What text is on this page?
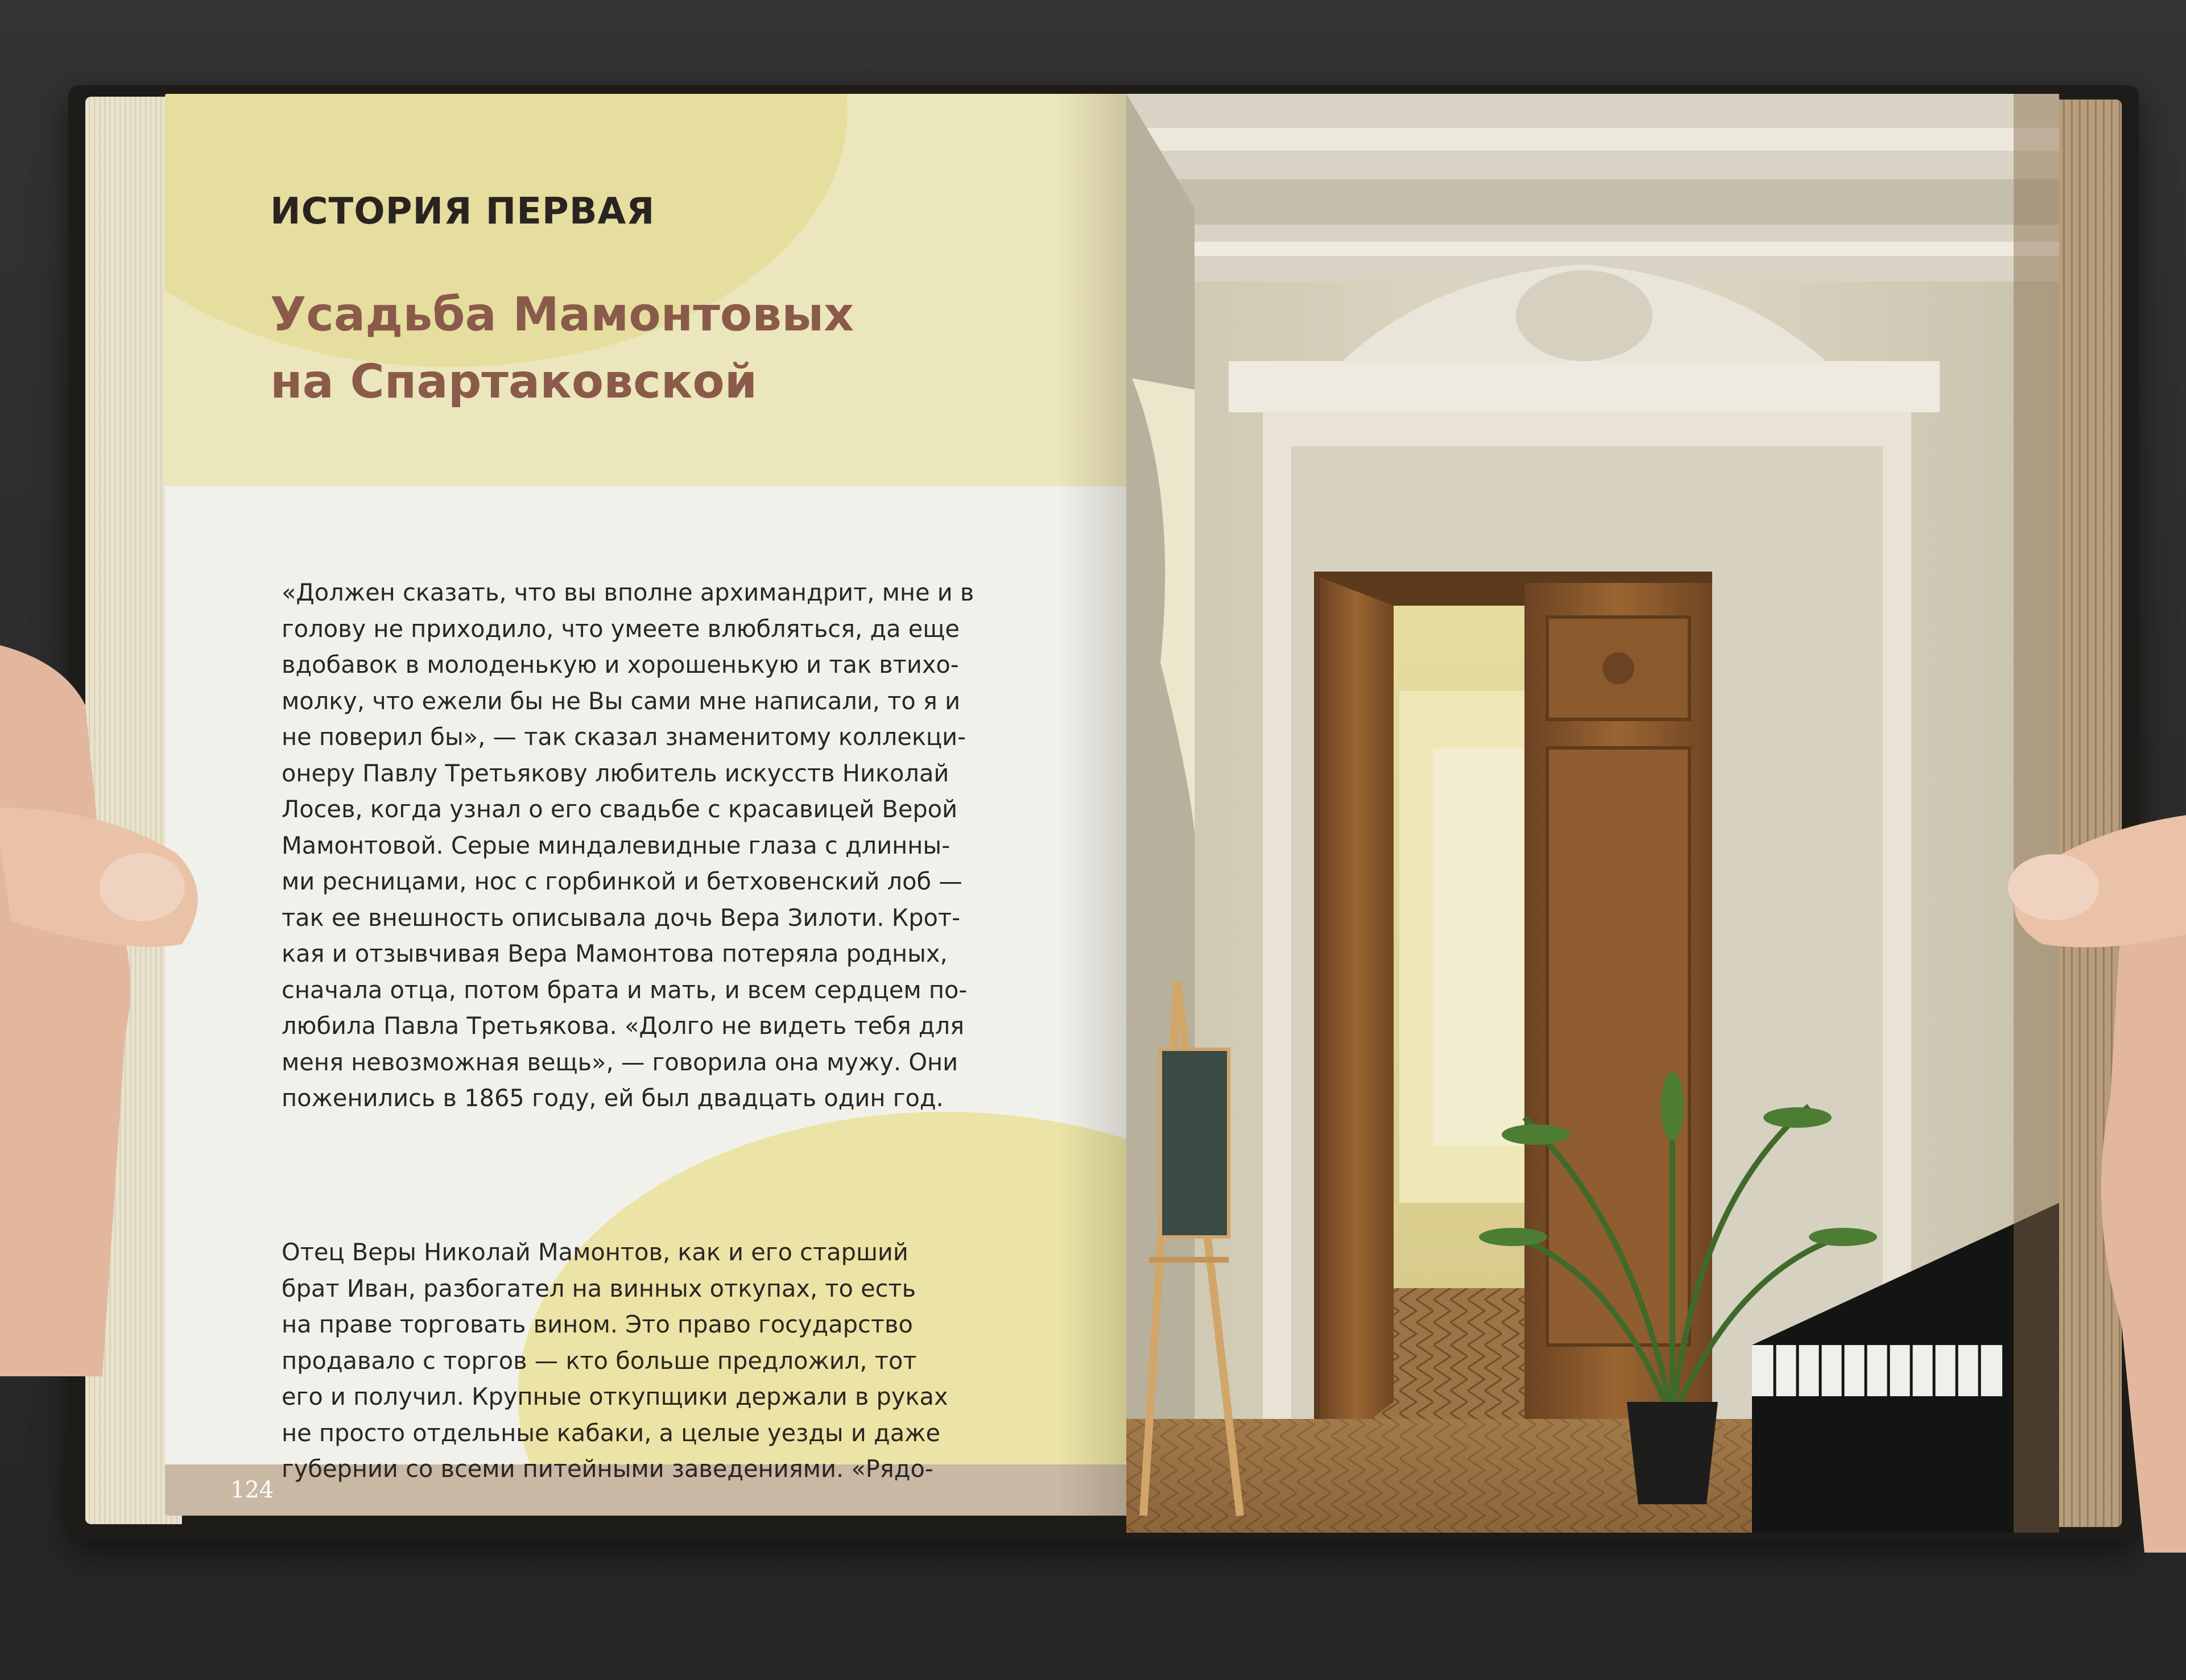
ИСТОРИЯ ПЕРВАЯ
Усадьба Мамонтовых
на Спартаковской
«Должен сказать, что вы вполне архимандрит, мне и в
голову не приходило, что умеете влюбляться, да еще
вдобавок в молоденькую и хорошенькую и так втихо-
молку, что ежели бы не Вы сами мне написали, то я и
не поверил бы», — так сказал знаменитому коллекци-
онеру Павлу Третьякову любитель искусств Николай
Лосев, когда узнал о его свадьбе с красавицей Верой
Мамонтовой. Серые миндалевидные глаза с длинны-
ми ресницами, нос с горбинкой и бетховенский лоб —
так ее внешность описывала дочь Вера Зилоти. Крот-
кая и отзывчивая Вера Мамонтова потеряла родных,
сначала отца, потом брата и мать, и всем сердцем по-
любила Павла Третьякова. «Долго не видеть тебя для
меня невозможная вещь», — говорила она мужу. Они
поженились в 1865 году, ей был двадцать один год.
Отец Веры Николай Мамонтов, как и его старший
брат Иван, разбогател на винных откупах, то есть
на праве торговать вином. Это право государство
продавало с торгов — кто больше предложил, тот
его и получил. Крупные откупщики держали в руках
не просто отдельные кабаки, а целые уезды и даже
губернии со всеми питейными заведениями. «Рядо-
124
